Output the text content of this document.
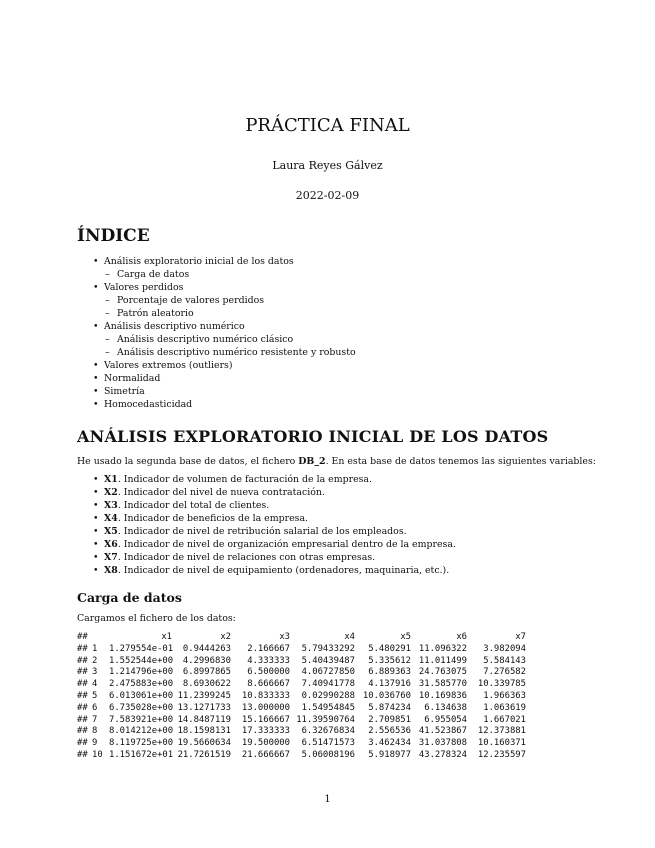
PRÁCTICA FINAL
Laura Reyes Gálvez
2022-02-09
ÍNDICE
• Análisis exploratorio inicial de los datos
– Carga de datos
• Valores perdidos
– Porcentaje de valores perdidos
– Patrón aleatorio
• Análisis descriptivo numérico
– Análisis descriptivo numérico clásico
– Análisis descriptivo numérico resistente y robusto
• Valores extremos (outliers)
• Normalidad
• Simetría
• Homocedasticidad
ANÁLISIS EXPLORATORIO INICIAL DE LOS DATOS

He usado la segunda base de datos, el fichero DB_2. En esta base de datos tenemos las siguientes variables:

• X1. Indicador de volumen de facturación de la empresa.
• X2. Indicador del nivel de nueva contratación.
• X3. Indicador del total de clientes.
• X4. Indicador de beneficios de la empresa.
• X5. Indicador de nivel de retribución salarial de los empleados.
• X6. Indicador de nivel de organización empresarial dentro de la empresa.
• X7. Indicador de nivel de relaciones con otras empresas.
• X8. Indicador de nivel de equipamiento (ordenadores, maquinaria, etc.).
Carga de datos

Cargamos el fichero de los datos:

##	x1	x2	x3	x4	x5	x6	x7
## 1	1.279554e-01	0.9444263	2.166667	5.79433292	5.480291 11.096322	3.982094
## 2	1.552544e+00	4.2996830	4.333333	5.40439487	5.335612 11.011499	5.584143
## 3	1.214796e+00	6.8997865	6.500000	4.06727850	6.889363 24.763075	7.276582
## 4	2.475883e+00	8.6930622	8.666667	7.40941778	4.137916 31.585770	10.339785
## 5	6.013061e+00 11.2399245	10.833333	0.02990288 10.036760 10.169836	1.966363
## 6	6.735028e+00 13.1271733	13.000000	1.54954845	5.874234	6.134638	1.063619
## 7	7.583921e+00 14.8487119	15.166667 11.39590764	2.709851	6.955054	1.667021
## 8	8.014212e+00 18.1598131	17.333333	6.32676834	2.556536 41.523867	12.373881
## 9	8.119725e+00 19.5660634	19.500000	6.51471573	3.462434 31.037808	10.160371
## 10 1.151672e+01 21.7261519	21.666667	5.06008196	5.918977 43.278324	12.235597
1
